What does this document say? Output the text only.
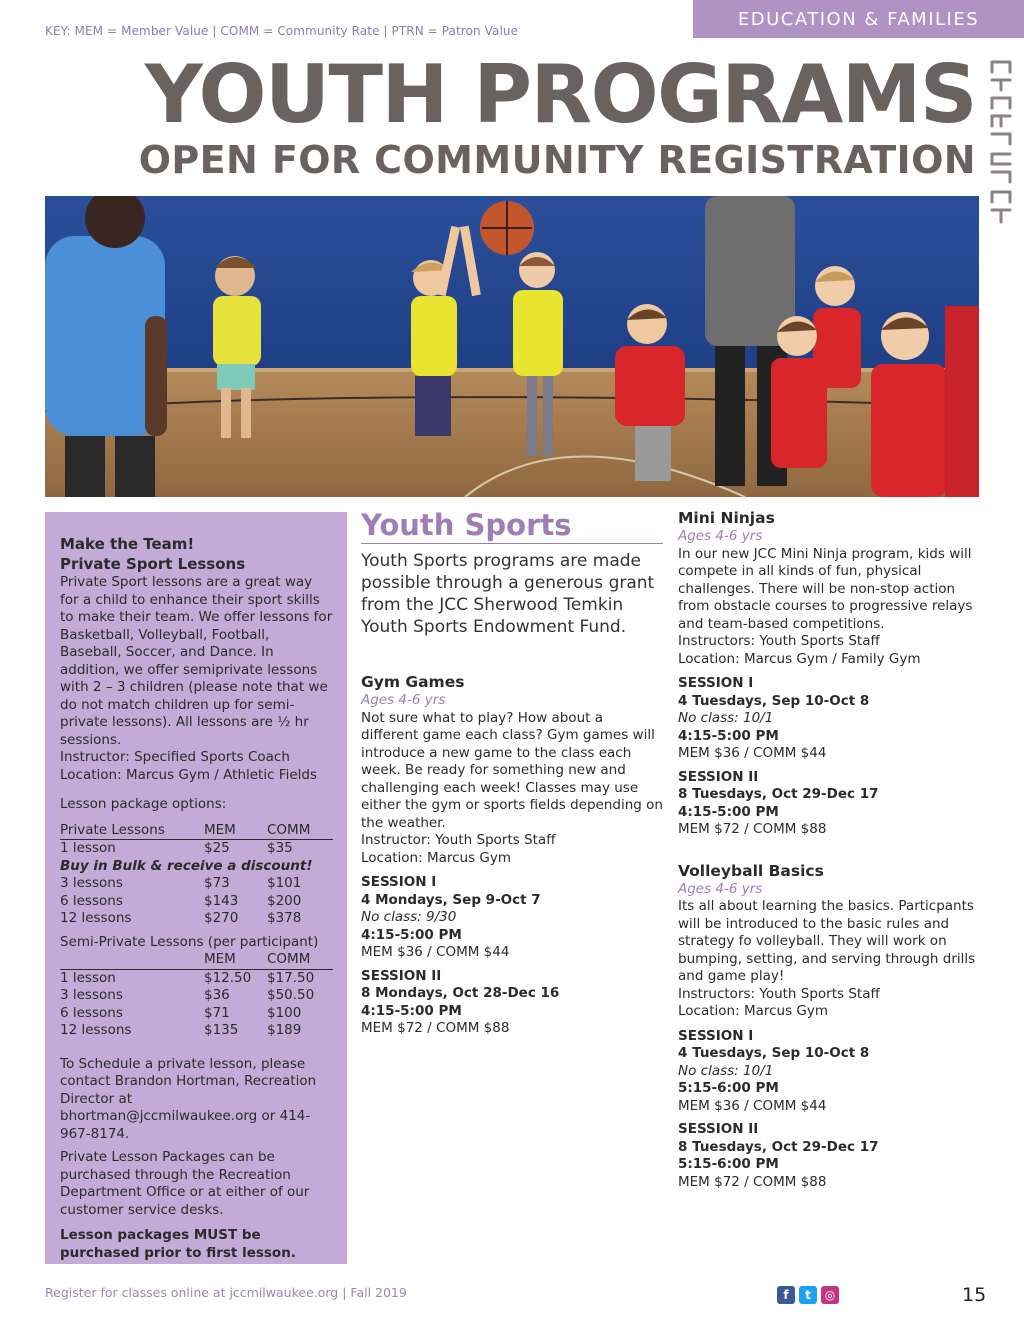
KEY: MEM = Member Value | COMM = Community Rate | PTRN = Patron Value
EDUCATION & FAMILIES
YOUTH PROGRAMS
OPEN FOR COMMUNITY REGISTRATION
Make the Team!
Private Sport Lessons

Private Sport lessons are a great way for a child to enhance their sport skills to make their team. We offer lessons for Basketball, Volleyball, Football, Baseball, Soccer, and Dance. In addition, we offer semiprivate lessons with 2 – 3 children (please note that we do not match children up for semi-private lessons). All lessons are ½ hr sessions.

Instructor: Specified Sports Coach

Location: Marcus Gym / Athletic Fields

Lesson package options:

Private Lessons	MEM	COMM
1 lesson	$25	$35
Buy in Bulk & receive a discount!		
3 lessons	$73	$101
6 lessons	$143	$200
12 lessons	$270	$378

Semi-Private Lessons (per participant)

	MEM	COMM
1 lesson	$12.50	$17.50
3 lessons	$36	$50.50
6 lessons	$71	$100
12 lessons	$135	$189

To Schedule a private lesson, please contact Brandon Hortman, Recreation Director at bhortman@jccmilwaukee.org or 414-967-8174.

Private Lesson Packages can be purchased through the Recreation Department Office or at either of our customer service desks.

Lesson packages MUST be purchased prior to first lesson.

Youth Sports

Youth Sports programs are made possible through a generous grant from the JCC Sherwood Temkin Youth Sports Endowment Fund.

Gym Games
Ages 4-6 yrs

Not sure what to play? How about a different game each class? Gym games will introduce a new game to the class each week. Be ready for something new and challenging each week! Classes may use either the gym or sports fields depending on the weather.

Instructor: Youth Sports Staff

Location: Marcus Gym

SESSION I
4 Mondays, Sep 9-Oct 7
No class: 9/30
4:15-5:00 PM
MEM $36 / COMM $44
SESSION II
8 Mondays, Oct 28-Dec 16
4:15-5:00 PM
MEM $72 / COMM $88
Mini Ninjas
Ages 4-6 yrs

In our new JCC Mini Ninja program, kids will compete in all kinds of fun, physical challenges. There will be non-stop action from obstacle courses to progressive relays and team-based competitions.

Instructors: Youth Sports Staff

Location: Marcus Gym / Family Gym

SESSION I
4 Tuesdays, Sep 10-Oct 8
No class: 10/1
4:15-5:00 PM
MEM $36 / COMM $44
SESSION II
8 Tuesdays, Oct 29-Dec 17
4:15-5:00 PM
MEM $72 / COMM $88
Volleyball Basics
Ages 4-6 yrs

Its all about learning the basics. Particpants will be introduced to the basic rules and strategy fo volleyball. They will work on bumping, setting, and serving through drills and game play!

Instructors: Youth Sports Staff

Location: Marcus Gym

SESSION I
4 Tuesdays, Sep 10-Oct 8
No class: 10/1
5:15-6:00 PM
MEM $36 / COMM $44
SESSION II
8 Tuesdays, Oct 29-Dec 17
5:15-6:00 PM
MEM $72 / COMM $88
Register for classes online at jccmilwaukee.org | Fall 2019	f	t	◎	15
